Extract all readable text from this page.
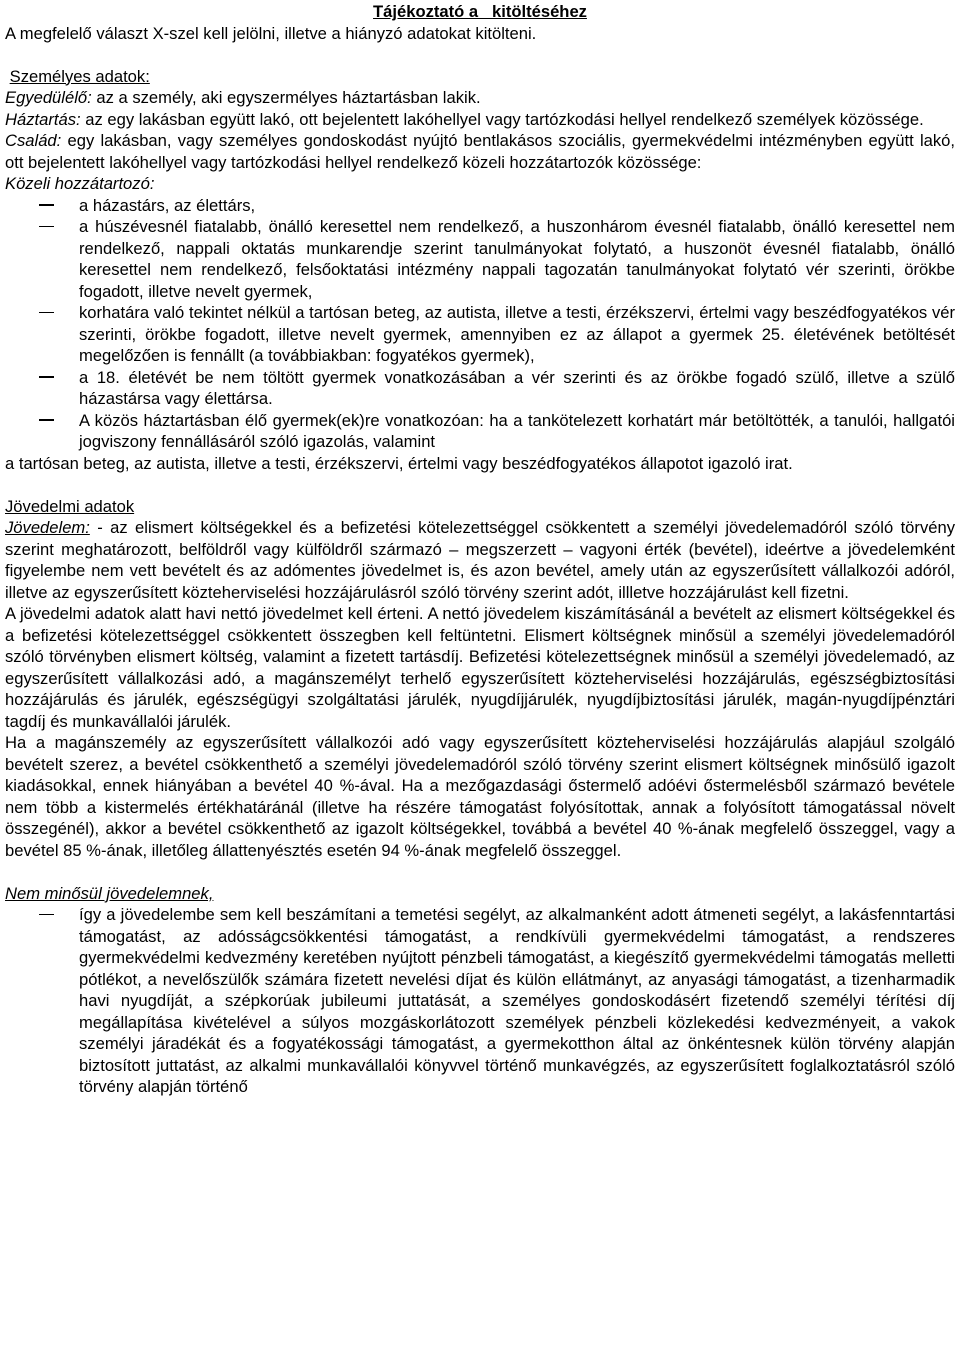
Tájékoztató a   kitöltéséhez

A megfelelő választ X-szel kell jelölni, illetve a hiányzó adatokat kitölteni.

Személyes adatok:

Egyedülélő: az a személy, aki egyszermélyes háztartásban lakik.

Háztartás: az egy lakásban együtt lakó, ott bejelentett lakóhellyel vagy tartózkodási hellyel rendelkező személyek közössége.

Család: egy lakásban, vagy személyes gondoskodást nyújtó bentlakásos szociális, gyermekvédelmi intézményben együtt lakó, ott bejelentett lakóhellyel vagy tartózkodási hellyel rendelkező közeli hozzátartozók közössége:

Közeli hozzátartozó:

a házastárs, az élettárs,
a húszévesnél fiatalabb, önálló keresettel nem rendelkező, a huszonhárom évesnél fiatalabb, önálló keresettel nem rendelkező, nappali oktatás munkarendje szerint tanulmányokat folytató, a huszonöt évesnél fiatalabb, önálló keresettel nem rendelkező, felsőoktatási intézmény nappali tagozatán tanulmányokat folytató vér szerinti, örökbe fogadott, illetve nevelt gyermek,
korhatára való tekintet nélkül a tartósan beteg, az autista, illetve a testi, érzékszervi, értelmi vagy beszédfogyatékos vér szerinti, örökbe fogadott, illetve nevelt gyermek, amennyiben ez az állapot a gyermek 25. életévének betöltését megelőzően is fennállt (a továbbiakban: fogyatékos gyermek),
a 18. életévét be nem töltött gyermek vonatkozásában a vér szerinti és az örökbe fogadó szülő, illetve a szülő házastársa vagy élettársa.
A közös háztartásban élő gyermek(ek)re vonatkozóan: ha a tankötelezett korhatárt már betöltötték, a tanulói, hallgatói jogviszony fennállásáról szóló igazolás, valamint

a tartósan beteg, az autista, illetve a testi, érzékszervi, értelmi vagy beszédfogyatékos állapotot igazoló irat.

Jövedelmi adatok

Jövedelem: - az elismert költségekkel és a befizetési kötelezettséggel csökkentett a személyi jövedelemadóról szóló törvény szerint meghatározott, belföldről vagy külföldről származó – megszerzett – vagyoni érték (bevétel), ideértve a jövedelemként figyelembe nem vett bevételt és az adómentes jövedelmet is, és azon bevétel, amely után az egyszerűsített vállalkozói adóról, illetve az egyszerűsített közteherviselési hozzájárulásról szóló törvény szerint adót, illletve hozzájárulást kell fizetni.

A jövedelmi adatok alatt havi nettó jövedelmet kell érteni. A nettó jövedelem kiszámításánál a bevételt az elismert költségekkel és a befizetési kötelezettséggel csökkentett összegben kell feltüntetni. Elismert költségnek minősül a személyi jövedelemadóról szóló törvényben elismert költség, valamint a fizetett tartásdíj. Befizetési kötelezettségnek minősül a személyi jövedelemadó, az egyszerűsített vállalkozási adó, a magánszemélyt terhelő egyszerűsített közteherviselési hozzájárulás, egészségbiztosítási hozzájárulás és járulék, egészségügyi szolgáltatási járulék, nyugdíjjárulék, nyugdíjbiztosítási járulék, magán-nyugdíjpénztári tagdíj és munkavállalói járulék.

Ha a magánszemély az egyszerűsített vállalkozói adó vagy egyszerűsített közteherviselési hozzájárulás alapjául szolgáló bevételt szerez, a bevétel csökkenthető a személyi jövedelemadóról szóló törvény szerint elismert költségnek minősülő igazolt kiadásokkal, ennek hiányában a bevétel 40 %-ával. Ha a mezőgazdasági őstermelő adóévi őstermelésből származó bevétele nem több a kistermelés értékhatáránál (illetve ha részére támogatást folyósítottak, annak a folyósított támogatással növelt összegénél), akkor a bevétel csökkenthető az igazolt költségekkel, továbbá a bevétel 40 %-ának megfelelő összeggel, vagy a bevétel 85 %-ának, illetőleg állattenyésztés esetén 94 %-ának megfelelő összeggel.

Nem minősül jövedelemnek,

így a jövedelembe sem kell beszámítani a temetési segélyt, az alkalmanként adott átmeneti segélyt, a lakásfenntartási támogatást, az adósságcsökkentési támogatást, a rendkívüli gyermekvédelmi támogatást, a rendszeres gyermekvédelmi kedvezmény keretében nyújtott pénzbeli támogatást, a kiegészítő gyermekvédelmi támogatás melletti pótlékot, a nevelőszülők számára fizetett nevelési díjat és külön ellátmányt, az anyasági támogatást, a tizenharmadik havi nyugdíját, a szépkorúak jubileumi juttatását, a személyes gondoskodásért fizetendő személyi térítési díj megállapítása kivételével a súlyos mozgáskorlátozott személyek pénzbeli közlekedési kedvezményeit, a vakok személyi járadékát és a fogyatékossági támogatást, a gyermekotthon által az önkéntesnek külön törvény alapján biztosított juttatást, az alkalmi munkavállalói könyvvel történő munkavégzés, az egyszerűsített foglalkoztatásról szóló törvény alapján történő
